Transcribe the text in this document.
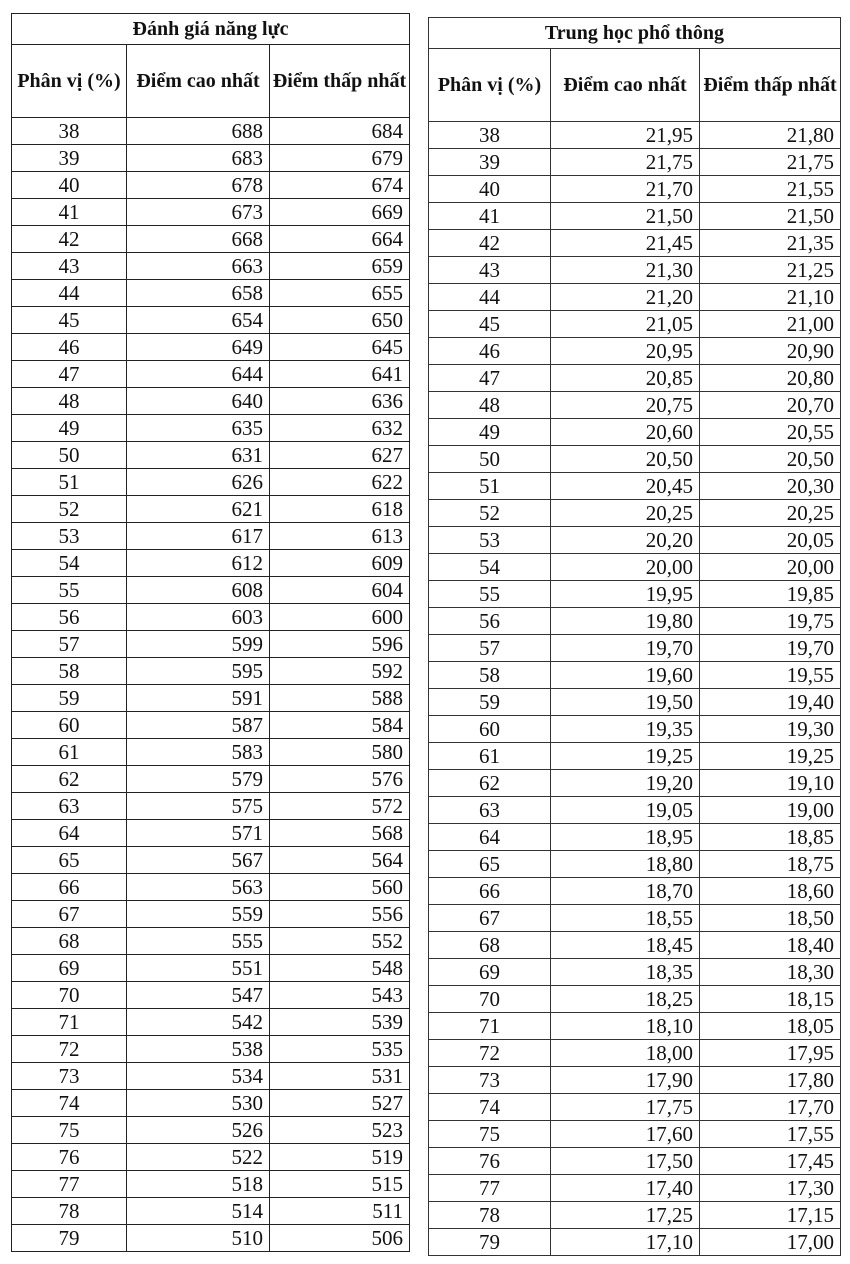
Đánh giá năng lực		
Phân vị (%)	Điểm cao nhất	Điểm thấp nhất
38	688	684
39	683	679
40	678	674
41	673	669
42	668	664
43	663	659
44	658	655
45	654	650
46	649	645
47	644	641
48	640	636
49	635	632
50	631	627
51	626	622
52	621	618
53	617	613
54	612	609
55	608	604
56	603	600
57	599	596
58	595	592
59	591	588
60	587	584
61	583	580
62	579	576
63	575	572
64	571	568
65	567	564
66	563	560
67	559	556
68	555	552
69	551	548
70	547	543
71	542	539
72	538	535
73	534	531
74	530	527
75	526	523
76	522	519
77	518	515
78	514	511
79	510	506
Trung học phổ thông		
Phân vị (%)	Điểm cao nhất	Điểm thấp nhất
38	21,95	21,80
39	21,75	21,75
40	21,70	21,55
41	21,50	21,50
42	21,45	21,35
43	21,30	21,25
44	21,20	21,10
45	21,05	21,00
46	20,95	20,90
47	20,85	20,80
48	20,75	20,70
49	20,60	20,55
50	20,50	20,50
51	20,45	20,30
52	20,25	20,25
53	20,20	20,05
54	20,00	20,00
55	19,95	19,85
56	19,80	19,75
57	19,70	19,70
58	19,60	19,55
59	19,50	19,40
60	19,35	19,30
61	19,25	19,25
62	19,20	19,10
63	19,05	19,00
64	18,95	18,85
65	18,80	18,75
66	18,70	18,60
67	18,55	18,50
68	18,45	18,40
69	18,35	18,30
70	18,25	18,15
71	18,10	18,05
72	18,00	17,95
73	17,90	17,80
74	17,75	17,70
75	17,60	17,55
76	17,50	17,45
77	17,40	17,30
78	17,25	17,15
79	17,10	17,00
